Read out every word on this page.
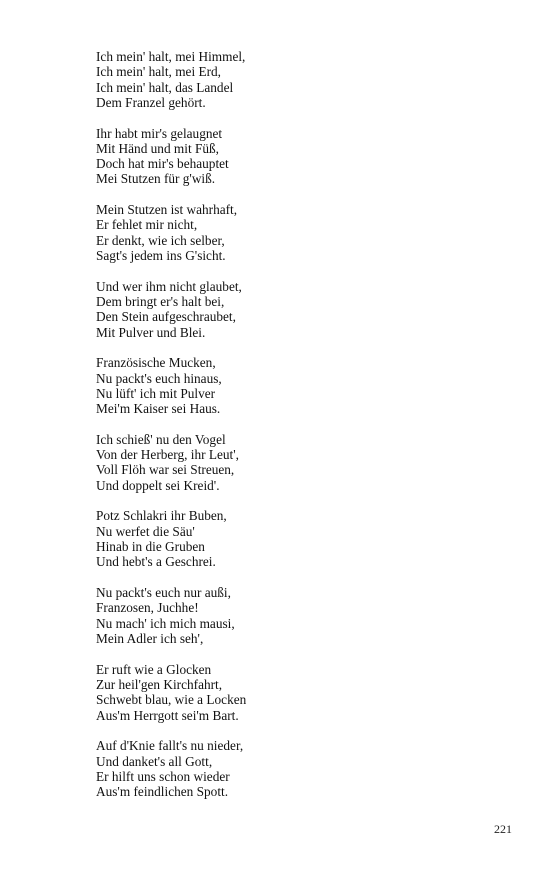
Ich mein' halt, mei Himmel,
Ich mein' halt, mei Erd,
Ich mein' halt, das Landel
Dem Franzel gehört.
Ihr habt mir's gelaugnet
Mit Händ und mit Füß,
Doch hat mir's behauptet
Mei Stutzen für g'wiß.
Mein Stutzen ist wahrhaft,
Er fehlet mir nicht,
Er denkt, wie ich selber,
Sagt's jedem ins G'sicht.
Und wer ihm nicht glaubet,
Dem bringt er's halt bei,
Den Stein aufgeschraubet,
Mit Pulver und Blei.
Französische Mucken,
Nu packt's euch hinaus,
Nu lüft' ich mit Pulver
Mei'm Kaiser sei Haus.
Ich schieß' nu den Vogel
Von der Herberg, ihr Leut',
Voll Flöh war sei Streuen,
Und doppelt sei Kreid'.
Potz Schlakri ihr Buben,
Nu werfet die Säu'
Hinab in die Gruben
Und hebt's a Geschrei.
Nu packt's euch nur außi,
Franzosen, Juchhe!
Nu mach' ich mich mausi,
Mein Adler ich seh',
Er ruft wie a Glocken
Zur heil'gen Kirchfahrt,
Schwebt blau, wie a Locken
Aus'm Herrgott sei'm Bart.
Auf d'Knie fallt's nu nieder,
Und danket's all Gott,
Er hilft uns schon wieder
Aus'm feindlichen Spott.
221
